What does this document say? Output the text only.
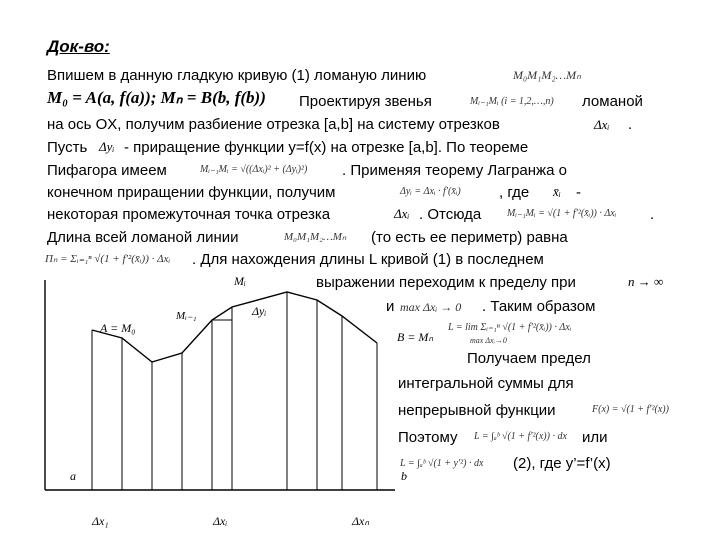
Док-во:
Впишем в данную гладкую кривую (1) ломаную линию	M₀M₁M₂…Mₙ
M₀ = A(a, f(a)); Mₙ = B(b, f(b)) Проектируя звенья	Mᵢ₋₁Mᵢ (i = 1,2,…,n) ломаной
на ось OX, получим разбиение отрезка [a,b] на систему отрезков	Δxᵢ .
Пусть Δyᵢ - приращение функции y=f(x) на отрезке [a,b]. По теореме
Пифагора имеем	Mᵢ₋₁Mᵢ = √((Δxᵢ)² + (Δyᵢ)²) . Применяя теорему Лагранжа о
конечном приращении функции, получим	Δyᵢ = Δxᵢ · f′(x̄ᵢ)	, где x̄ᵢ -
некоторая промежуточная точка отрезка	Δxᵢ . Отсюда	Mᵢ₋₁Mᵢ = √(1 + f′²(x̄ᵢ)) · Δxᵢ .
Длина всей ломаной линии	M₀M₁M₂…Mₙ (то есть ее периметр) равна
Пₙ = Σᵢ₌₁ⁿ √(1 + f′²(x̄ᵢ)) · Δxᵢ . Для нахождения длины L кривой (1) в последнем
выражении переходим к пределу при	n → ∞
и max Δxᵢ → 0 . Таким образом
L = lim Σᵢ₌₁ⁿ √(1 + f′²(x̄ᵢ)) · Δxᵢ
max Δxᵢ→0
Получаем предел
интегральной суммы для
непрерывной функции	F(x) = √(1 + f′²(x))
Поэтому L = ∫ₐᵇ √(1 + f′²(x)) · dx или
L = ∫ₐᵇ √(1 + y′²) · dx (2), где y’=f’(x)
A = M₀
B = Mₙ
Mᵢ₋₁
Mᵢ
Δyᵢ
a	b
Δx₁	Δxᵢ	Δxₙ
